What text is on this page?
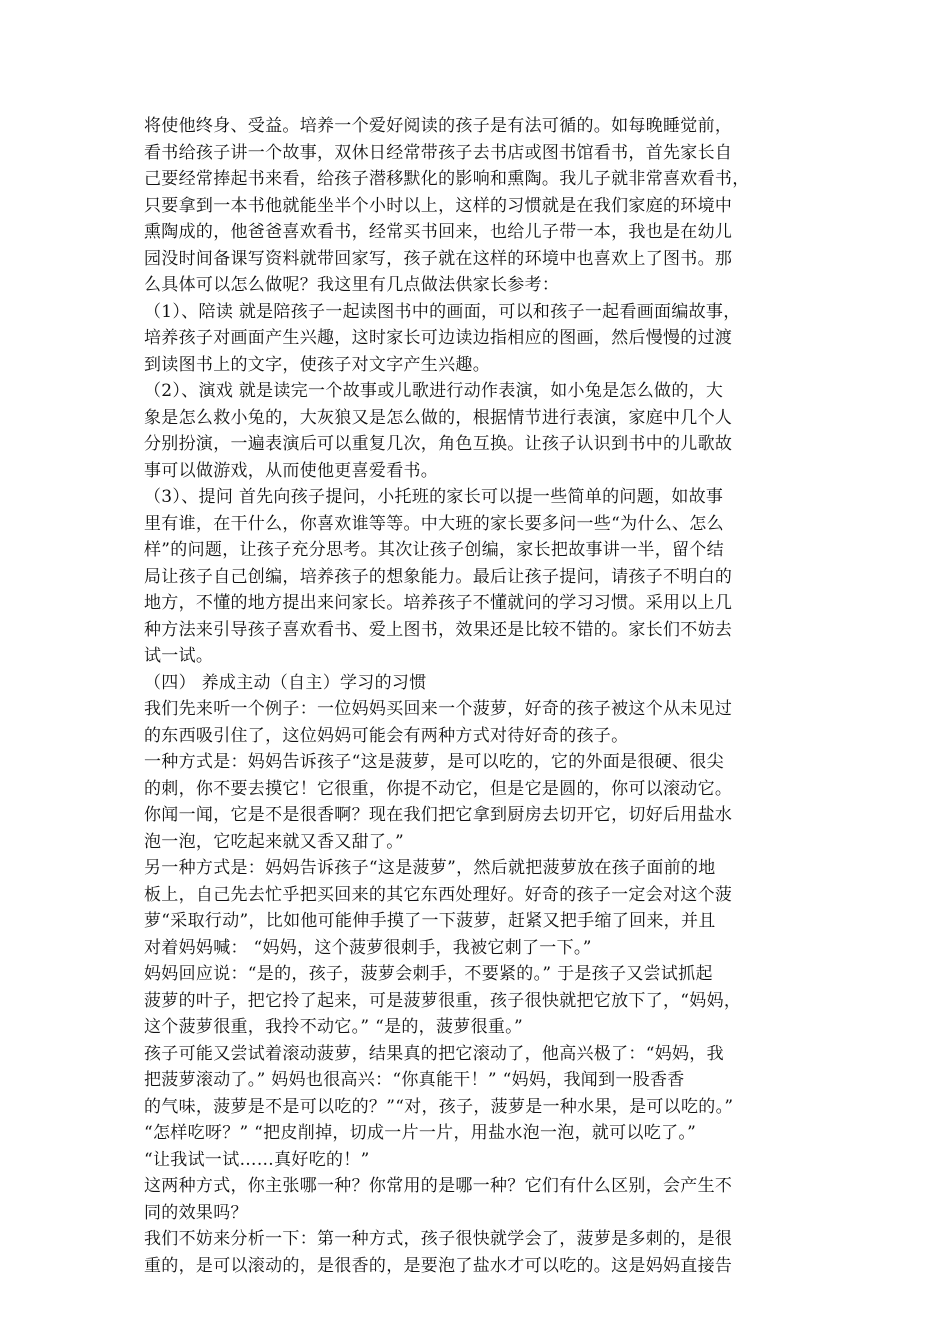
将使他终身、受益。培养一个爱好阅读的孩子是有法可循的。如每晚睡觉前，
看书给孩子讲一个故事，双休日经常带孩子去书店或图书馆看书，首先家长自
己要经常捧起书来看，给孩子潜移默化的影响和熏陶。我儿子就非常喜欢看书，
只要拿到一本书他就能坐半个小时以上，这样的习惯就是在我们家庭的环境中
熏陶成的，他爸爸喜欢看书，经常买书回来，也给儿子带一本，我也是在幼儿
园没时间备课写资料就带回家写，孩子就在这样的环境中也喜欢上了图书。那
么具体可以怎么做呢？我这里有几点做法供家长参考：
（1）、陪读 就是陪孩子一起读图书中的画面，可以和孩子一起看画面编故事，
培养孩子对画面产生兴趣，这时家长可边读边指相应的图画，然后慢慢的过渡
到读图书上的文字，使孩子对文字产生兴趣。
（2）、演戏 就是读完一个故事或儿歌进行动作表演，如小兔是怎么做的，大
象是怎么救小兔的，大灰狼又是怎么做的，根据情节进行表演，家庭中几个人
分别扮演，一遍表演后可以重复几次，角色互换。让孩子认识到书中的儿歌故
事可以做游戏，从而使他更喜爱看书。
（3）、提问 首先向孩子提问，小托班的家长可以提一些简单的问题，如故事
里有谁，在干什么，你喜欢谁等等。中大班的家长要多问一些“为什么、怎么
样”的问题，让孩子充分思考。其次让孩子创编，家长把故事讲一半，留个结
局让孩子自己创编，培养孩子的想象能力。最后让孩子提问，请孩子不明白的
地方，不懂的地方提出来问家长。培养孩子不懂就问的学习习惯。采用以上几
种方法来引导孩子喜欢看书、爱上图书，效果还是比较不错的。家长们不妨去
试一试。
（四） 养成主动（自主）学习的习惯
我们先来听一个例子：一位妈妈买回来一个菠萝，好奇的孩子被这个从未见过
的东西吸引住了，这位妈妈可能会有两种方式对待好奇的孩子。
一种方式是：妈妈告诉孩子“这是菠萝，是可以吃的，它的外面是很硬、很尖
的刺，你不要去摸它！它很重，你提不动它，但是它是圆的，你可以滚动它。
你闻一闻，它是不是很香啊？现在我们把它拿到厨房去切开它，切好后用盐水
泡一泡，它吃起来就又香又甜了。”
另一种方式是：妈妈告诉孩子“这是菠萝”，然后就把菠萝放在孩子面前的地
板上，自己先去忙乎把买回来的其它东西处理好。好奇的孩子一定会对这个菠
萝“采取行动”，比如他可能伸手摸了一下菠萝，赶紧又把手缩了回来，并且
对着妈妈喊： “妈妈，这个菠萝很刺手，我被它刺了一下。”
妈妈回应说：“是的，孩子，菠萝会刺手，不要紧的。” 于是孩子又尝试抓起
菠萝的叶子，把它拎了起来，可是菠萝很重，孩子很快就把它放下了，“妈妈，
这个菠萝很重，我拎不动它。” “是的，菠萝很重。”
孩子可能又尝试着滚动菠萝，结果真的把它滚动了，他高兴极了：“妈妈，我
把菠萝滚动了。” 妈妈也很高兴：“你真能干！” “妈妈，我闻到一股香香
的气味，菠萝是不是可以吃的？”“对，孩子，菠萝是一种水果，是可以吃的。”
“怎样吃呀？” “把皮削掉，切成一片一片，用盐水泡一泡，就可以吃了。”
“让我试一试……真好吃的！”
这两种方式，你主张哪一种？你常用的是哪一种？它们有什么区别，会产生不
同的效果吗？
我们不妨来分析一下：第一种方式，孩子很快就学会了，菠萝是多刺的，是很
重的，是可以滚动的，是很香的，是要泡了盐水才可以吃的。这是妈妈直接告
